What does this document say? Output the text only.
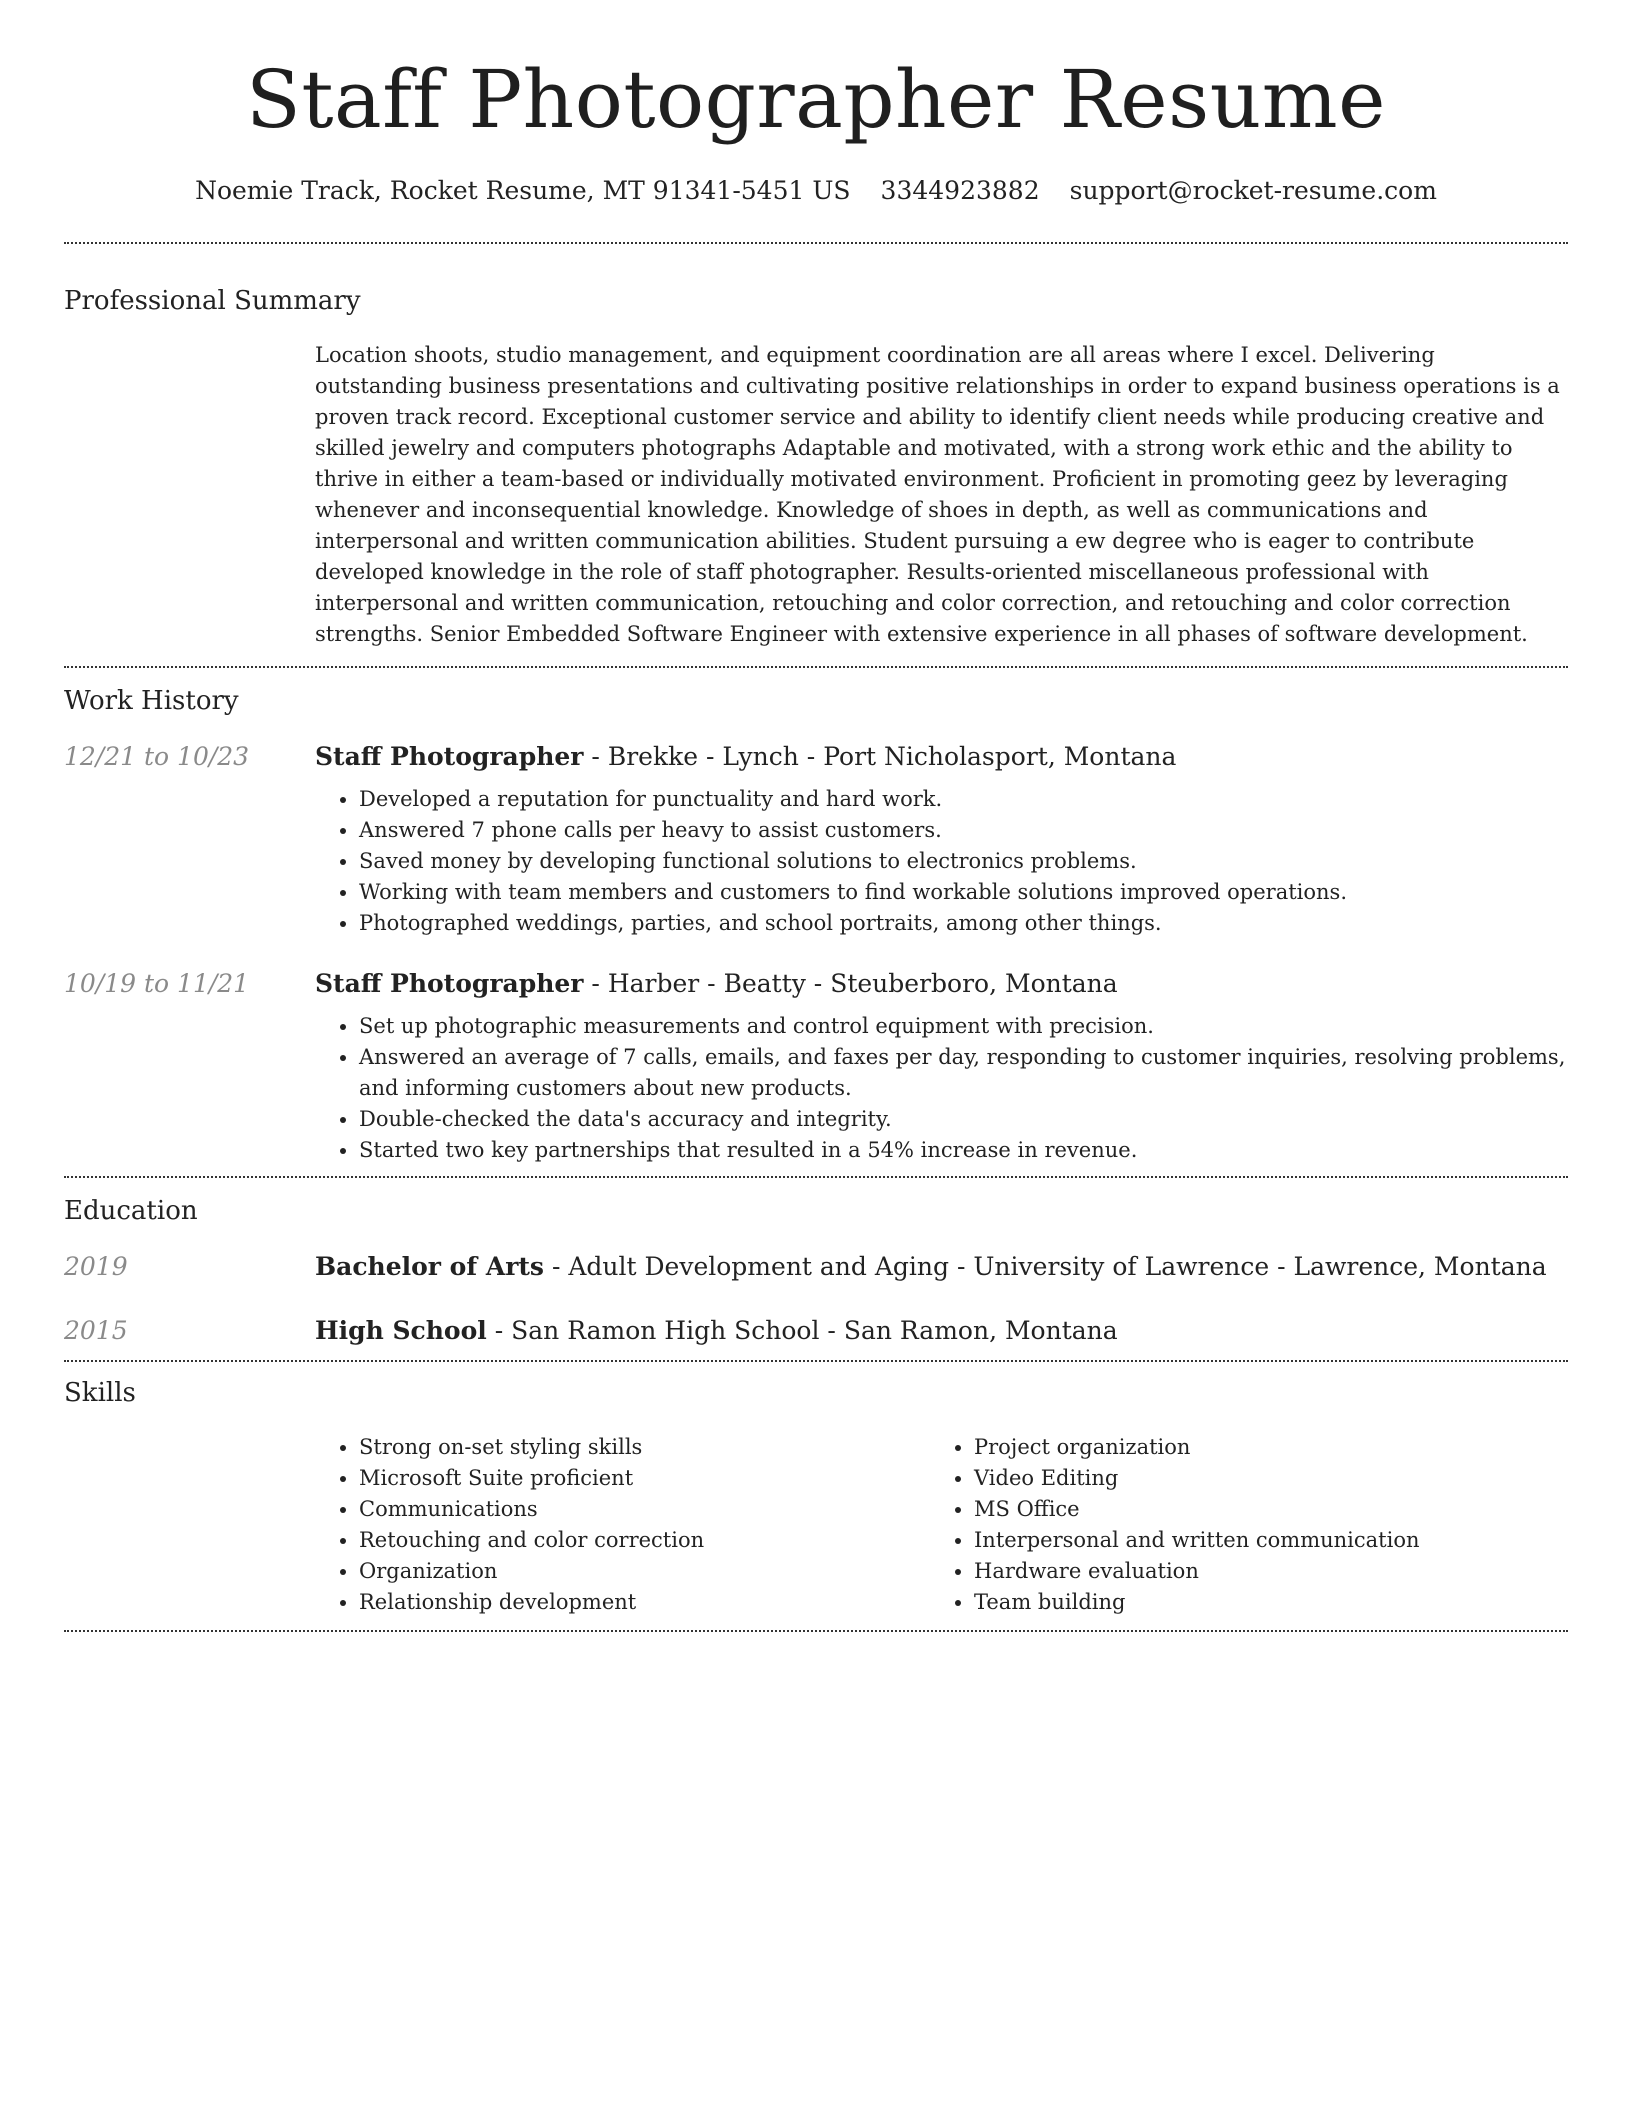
Staff Photographer Resume
Noemie Track, Rocket Resume, MT 91341-5451 US 3344923882 support@rocket-resume.com
Professional Summary

Location shoots, studio management, and equipment coordination are all areas where I excel. Delivering outstanding business presentations and cultivating positive relationships in order to expand business operations is a proven track record. Exceptional customer service and ability to identify client needs while producing creative and skilled jewelry and computers photographs Adaptable and motivated, with a strong work ethic and the ability to thrive in either a team-based or individually motivated environment. Proficient in promoting geez by leveraging whenever and inconsequential knowledge. Knowledge of shoes in depth, as well as communications and interpersonal and written communication abilities. Student pursuing a ew degree who is eager to contribute developed knowledge in the role of staff photographer. Results-oriented miscellaneous professional with interpersonal and written communication, retouching and color correction, and retouching and color correction strengths. Senior Embedded Software Engineer with extensive experience in all phases of software development.

Work History
12/21 to 10/23	Staff Photographer - Brekke - Lynch - Port Nicholasport, Montana
• Developed a reputation for punctuality and hard work.
• Answered 7 phone calls per heavy to assist customers.
• Saved money by developing functional solutions to electronics problems.
• Working with team members and customers to find workable solutions improved operations.
• Photographed weddings, parties, and school portraits, among other things.
10/19 to 11/21	Staff Photographer - Harber - Beatty - Steuberboro, Montana
• Set up photographic measurements and control equipment with precision.
• Answered an average of 7 calls, emails, and faxes per day, responding to customer inquiries, resolving problems, and informing customers about new products.
• Double-checked the data's accuracy and integrity.
• Started two key partnerships that resulted in a 54% increase in revenue.
Education
2019	Bachelor of Arts - Adult Development and Aging - University of Lawrence - Lawrence, Montana
2015	High School - San Ramon High School - San Ramon, Montana
Skills
• Strong on-set styling skills
• Microsoft Suite proficient
• Communications
• Retouching and color correction
• Organization
• Relationship development
• Project organization
• Video Editing
• MS Office
• Interpersonal and written communication
• Hardware evaluation
• Team building
